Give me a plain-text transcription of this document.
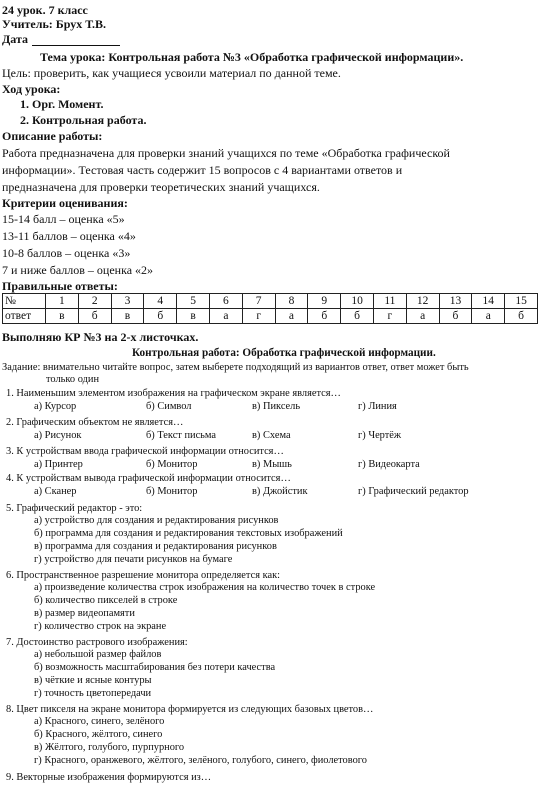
24 урок. 7 класс
Учитель: Брух Т.В.
Дата
Тема урока: Контрольная работа №3 «Обработка графической информации».
Цель: проверить, как учащиеся усвоили материал по данной теме.
Ход урока:
1. Орг. Момент.
2. Контрольная работа.
Описание работы:
Работа предназначена для проверки знаний учащихся по теме «Обработка графической
информации». Тестовая часть содержит 15 вопросов с 4 вариантами ответов и
предназначена для проверки теоретических знаний учащихся.
Критерии оценивания:
15-14 балл – оценка «5»
13-11 баллов – оценка «4»
10-8 баллов – оценка «3»
7 и ниже баллов – оценка «2»
Правильные ответы:
№	1	2	3	4	5	6	7	8	9	10	11	12	13	14	15
ответ	в	б	в	б	в	а	г	а	б	б	г	а	б	а	б
Выполняю КР №3 на 2-х листочках.
Контрольная работа: Обработка графической информации.
Задание: внимательно читайте вопрос, затем выберете подходящий из вариантов ответ, ответ может быть
только один
1. Наименьшим элементом изображения на графическом экране является…
а) Курсор	б) Символ	в) Пиксель	г) Линия
2. Графическим объектом не является…
а) Рисунок	б) Текст письма	в) Схема	г) Чертёж
3. К устройствам ввода графической информации относится…
а) Принтер	б) Монитор	в) Мышь	г) Видеокарта
4. К устройствам вывода графической информации относится…
а) Сканер	б) Монитор	в) Джойстик	г) Графический редактор
5. Графический редактор - это:
а) устройство для создания и редактирования рисунков
б) программа для создания и редактирования текстовых изображений
в) программа для создания и редактирования рисунков
г) устройство для печати рисунков на бумаге
6. Пространственное разрешение монитора определяется как:
а) произведение количества строк изображения на количество точек в строке
б) количество пикселей в строке
в) размер видеопамяти
г) количество строк на экране
7. Достоинство растрового изображения:
а) небольшой размер файлов
б) возможность масштабирования без потери качества
в) чёткие и ясные контуры
г) точность цветопередачи
8. Цвет пикселя на экране монитора формируется из следующих базовых цветов…
а) Красного, синего, зелёного
б) Красного, жёлтого, синего
в) Жёлтого, голубого, пурпурного
г) Красного, оранжевого, жёлтого, зелёного, голубого, синего, фиолетового
9. Векторные изображения формируются из…
